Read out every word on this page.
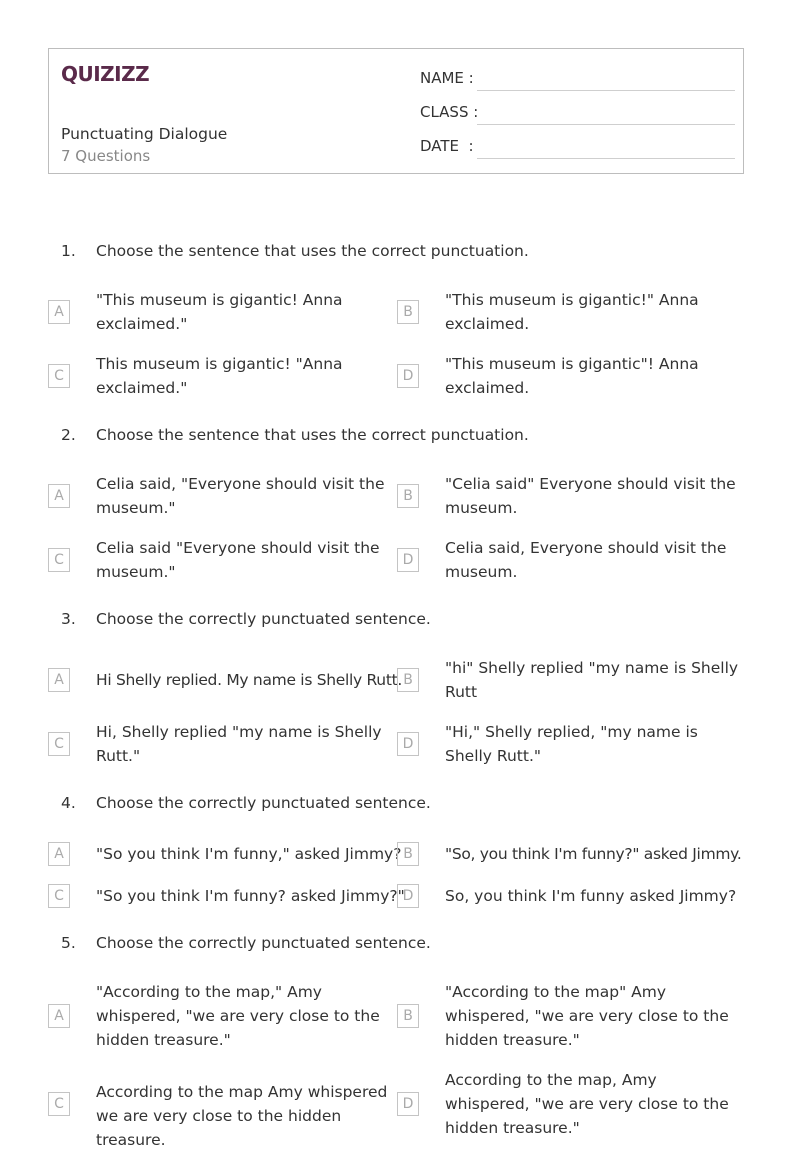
QUIZIZZ
Punctuating Dialogue
7 Questions
NAME :
CLASS :
DATE  :
1. Choose the sentence that uses the correct punctuation.
A
"This museum is gigantic! Anna exclaimed."
B
"This museum is gigantic!" Anna exclaimed.
C
This museum is gigantic! "Anna exclaimed."
D
"This museum is gigantic"! Anna exclaimed.
2. Choose the sentence that uses the correct punctuation.
A
Celia said, "Everyone should visit the museum."
B
"Celia said" Everyone should visit the museum.
C
Celia said "Everyone should visit the museum."
D
Celia said, Everyone should visit the museum.
3. Choose the correctly punctuated sentence.
A	Hi Shelly replied. My name is Shelly Rutt. B
"hi" Shelly replied "my name is Shelly Rutt
C
Hi, Shelly replied "my name is Shelly Rutt."
D
"Hi," Shelly replied, "my name is Shelly Rutt."
4. Choose the correctly punctuated sentence.
A	"So you think I'm funny," asked Jimmy? B	"So, you think I'm funny?" asked Jimmy.
C	"So you think I'm funny? asked Jimmy?"
D	So, you think I'm funny asked Jimmy?
5. Choose the correctly punctuated sentence.
A
"According to the map," Amy whispered, "we are very close to the hidden treasure."
B
"According to the map" Amy whispered, "we are very close to the hidden treasure."
C
According to the map Amy whispered we are very close to the hidden treasure.
D
According to the map, Amy whispered, "we are very close to the hidden treasure."
